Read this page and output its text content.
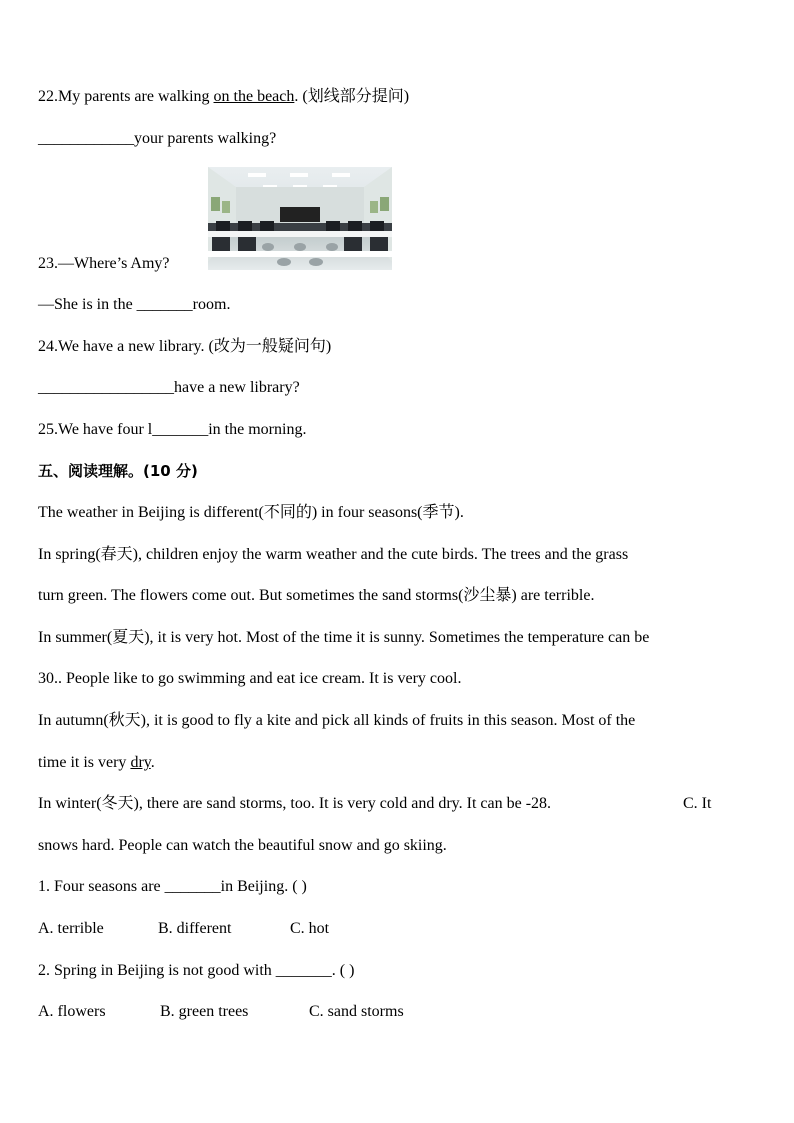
22.My parents are walking on the beach. (划线部分提问)
____________your parents walking?
23.—Where’s Amy?
—She is in the _______room.
24.We have a new library. (改为一般疑问句)
_________________have a new library?
25.We have four l_______in the morning.
五、阅读理解。(10 分)
The weather in Beijing is different(不同的) in four seasons(季节).
In spring(春天), children enjoy the warm weather and the cute birds. The trees and the grass
turn green. The flowers come out. But sometimes the sand storms(沙尘暴) are terrible.
In summer(夏天), it is very hot. Most of the time it is sunny. Sometimes the temperature can be
30.. People like to go swimming and eat ice cream. It is very cool.
In autumn(秋天), it is good to fly a kite and pick all kinds of fruits in this season. Most of the
time it is very dry.
In winter(冬天), there are sand storms, too. It is very cold and dry. It can be -28.	C. It
snows hard. People can watch the beautiful snow and go skiing.
1. Four seasons are _______in Beijing. ( )
A. terrible	B. different	C. hot
2. Spring in Beijing is not good with _______. ( )
A. flowers	B. green trees	C. sand storms
